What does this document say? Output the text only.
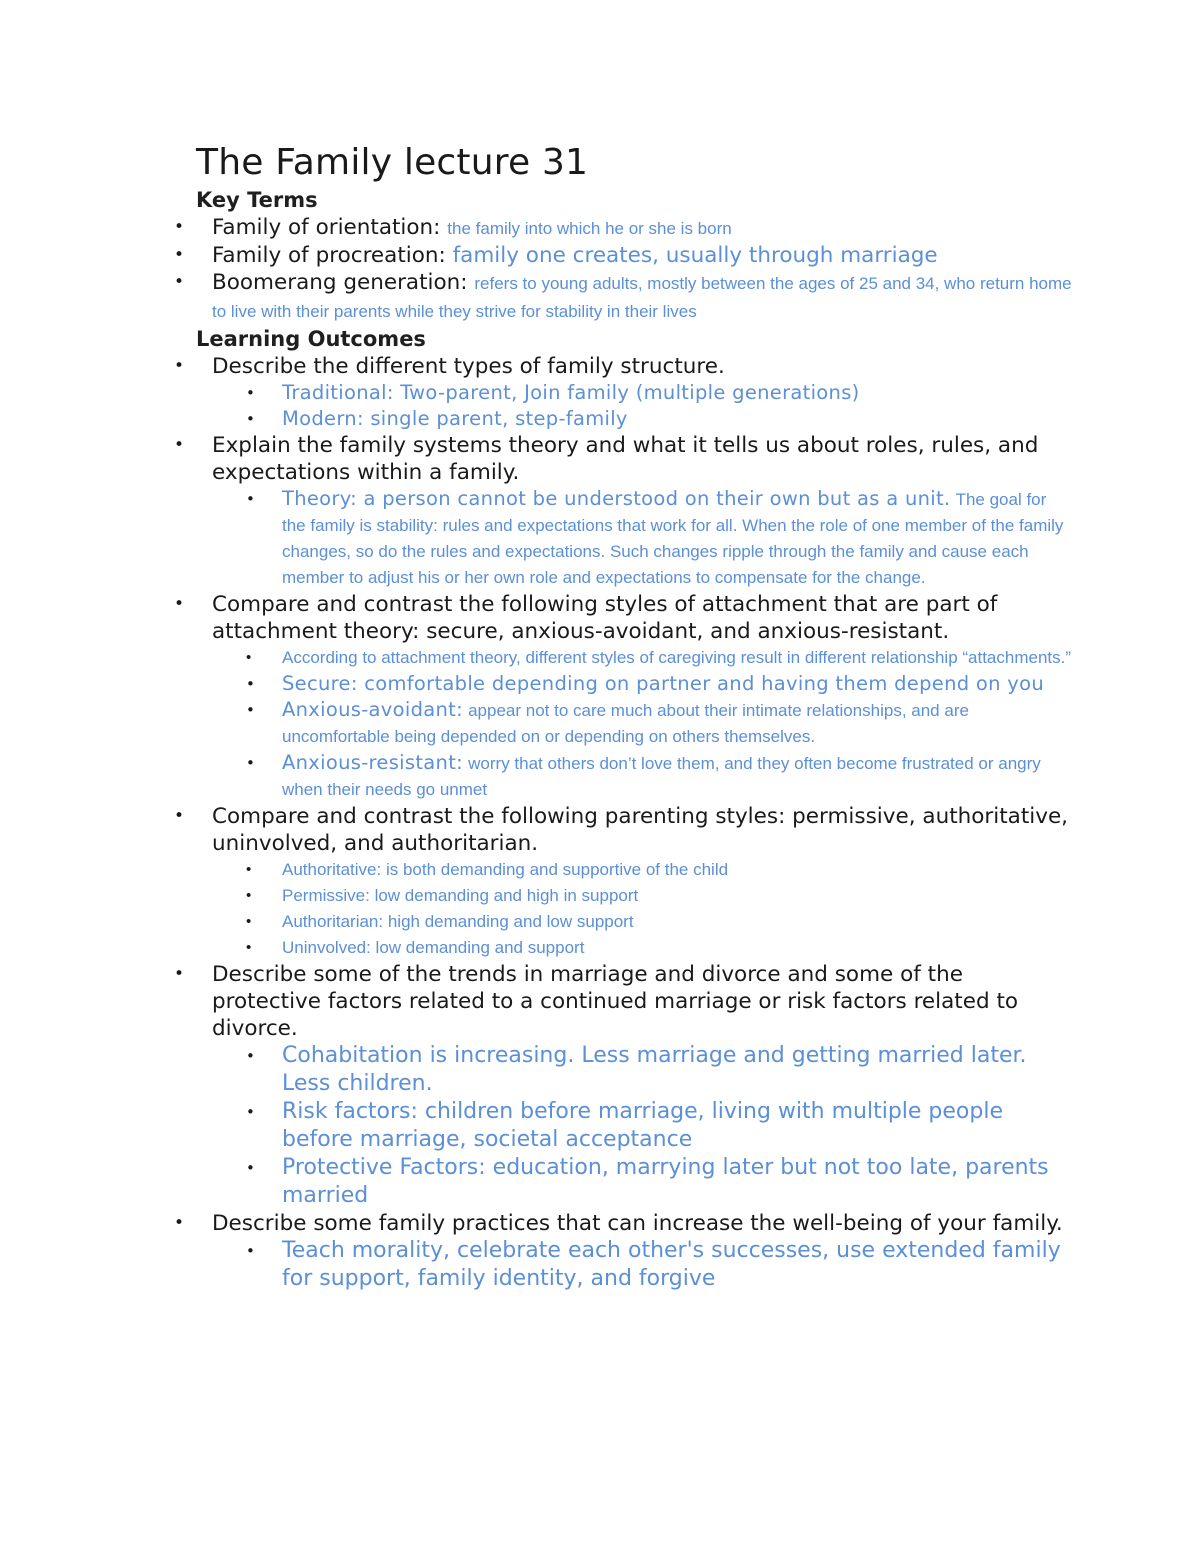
The Family lecture 31
Key Terms
• Family of orientation: the family into which he or she is born
• Family of procreation: family one creates, usually through marriage
• Boomerang generation: refers to young adults, mostly between the ages of 25 and 34, who return home to live with their parents while they strive for stability in their lives
Learning Outcomes
• Describe the different types of family structure.
• Traditional: Two-parent, Join family (multiple generations)
• Modern: single parent, step-family
• Explain the family systems theory and what it tells us about roles, rules, and expectations within a family.
• Theory: a person cannot be understood on their own but as a unit. The goal for the family is stability: rules and expectations that work for all. When the role of one member of the family changes, so do the rules and expectations. Such changes ripple through the family and cause each member to adjust his or her own role and expectations to compensate for the change.
• Compare and contrast the following styles of attachment that are part of attachment theory: secure, anxious-avoidant, and anxious-resistant.
• According to attachment theory, different styles of caregiving result in different relationship “attachments.”
• Secure: comfortable depending on partner and having them depend on you
• Anxious-avoidant: appear not to care much about their intimate relationships, and are uncomfortable being depended on or depending on others themselves.
• Anxious-resistant: worry that others don’t love them, and they often become frustrated or angry when their needs go unmet
• Compare and contrast the following parenting styles: permissive, authoritative, uninvolved, and authoritarian.
• Authoritative: is both demanding and supportive of the child
• Permissive: low demanding and high in support
• Authoritarian: high demanding and low support
• Uninvolved: low demanding and support
• Describe some of the trends in marriage and divorce and some of the protective factors related to a continued marriage or risk factors related to divorce.
• Cohabitation is increasing. Less marriage and getting married later. Less children.
• Risk factors: children before marriage, living with multiple people before marriage, societal acceptance
• Protective Factors: education, marrying later but not too late, parents married
• Describe some family practices that can increase the well-being of your family.
• Teach morality, celebrate each other's successes, use extended family for support, family identity, and forgive
